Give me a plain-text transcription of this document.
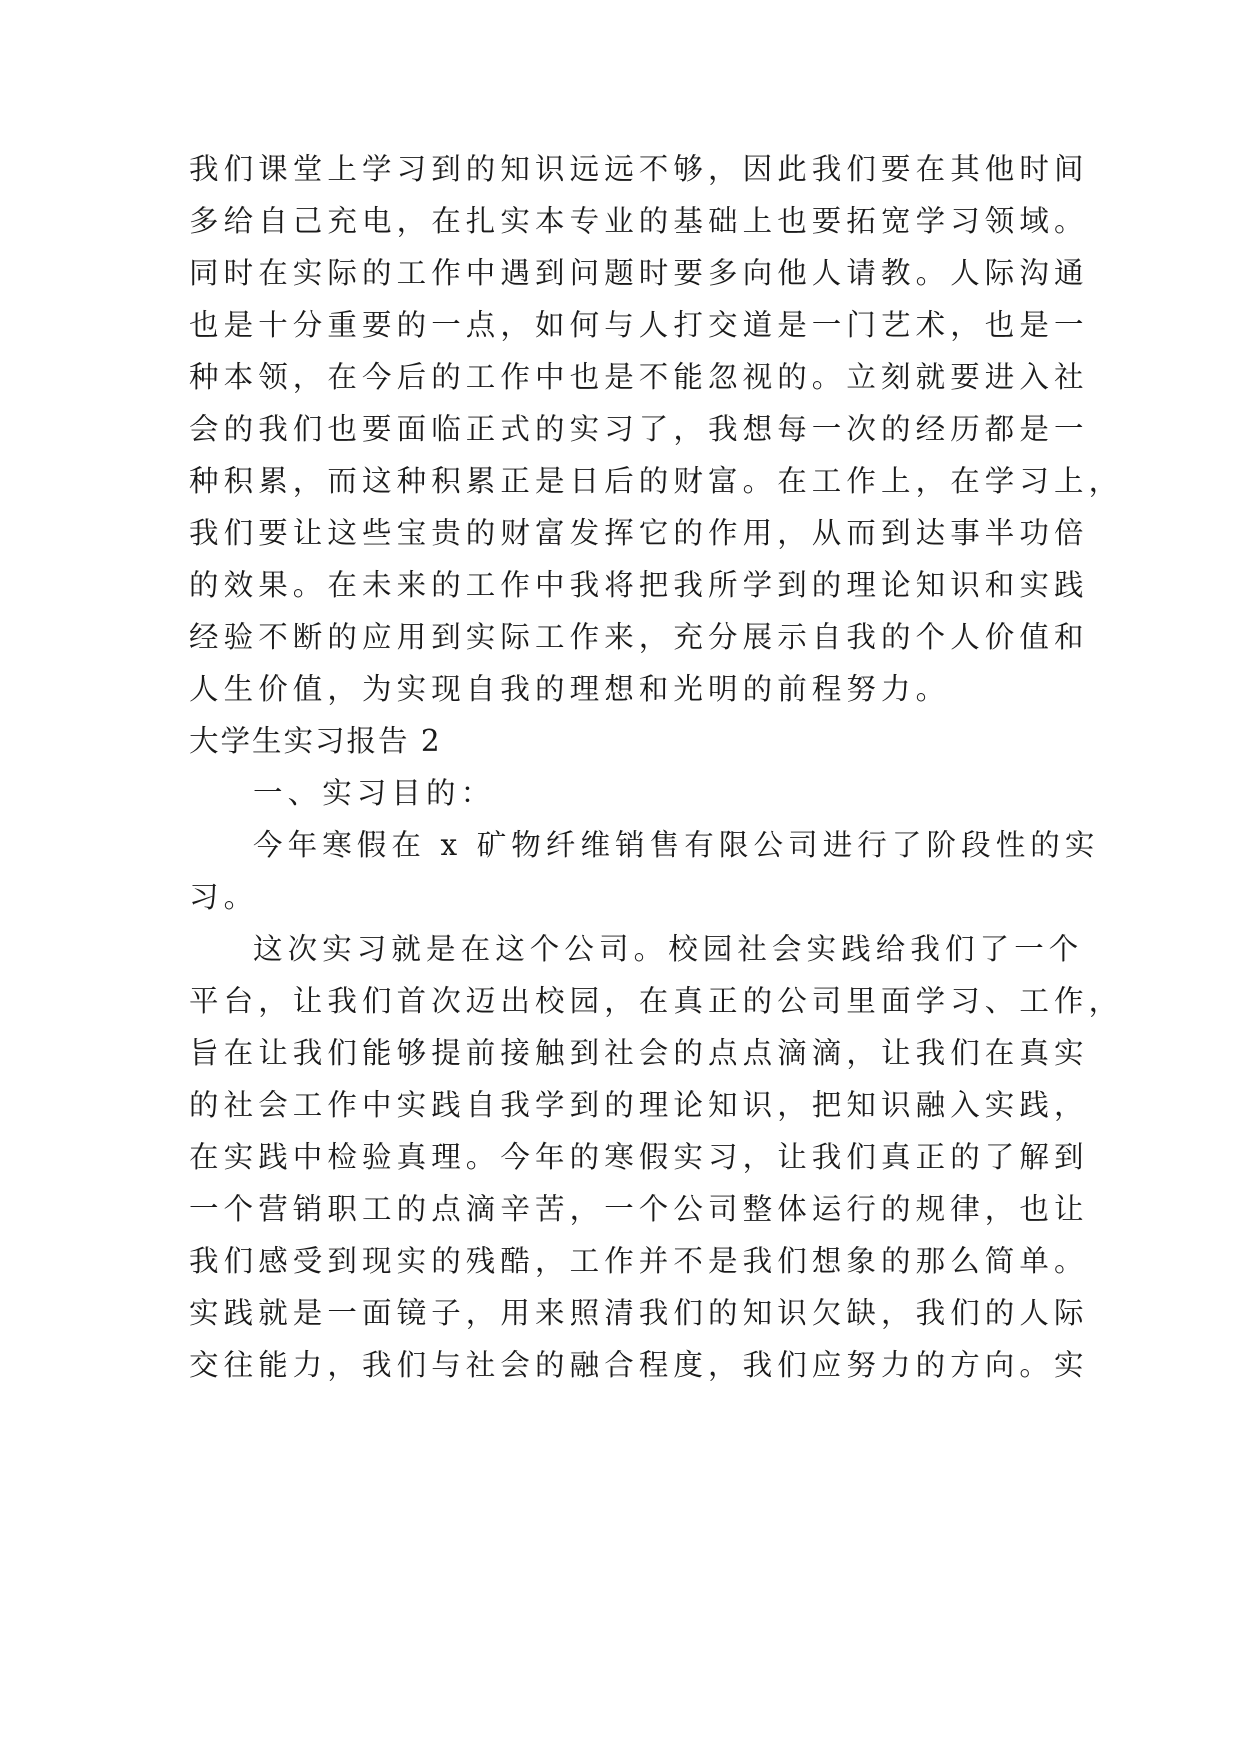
我们课堂上学习到的知识远远不够，因此我们要在其他时间
多给自己充电，在扎实本专业的基础上也要拓宽学习领域。
同时在实际的工作中遇到问题时要多向他人请教。人际沟通
也是十分重要的一点，如何与人打交道是一门艺术，也是一
种本领，在今后的工作中也是不能忽视的。立刻就要进入社
会的我们也要面临正式的实习了，我想每一次的经历都是一
种积累，而这种积累正是日后的财富。在工作上，在学习上，
我们要让这些宝贵的财富发挥它的作用，从而到达事半功倍
的效果。在未来的工作中我将把我所学到的理论知识和实践
经验不断的应用到实际工作来，充分展示自我的个人价值和
人生价值，为实现自我的理想和光明的前程努力。
大学生实习报告 2
一、实习目的：
今年寒假在 x 矿物纤维销售有限公司进行了阶段性的实
习。
这次实习就是在这个公司。校园社会实践给我们了一个
平台，让我们首次迈出校园，在真正的公司里面学习、工作，
旨在让我们能够提前接触到社会的点点滴滴，让我们在真实
的社会工作中实践自我学到的理论知识，把知识融入实践，
在实践中检验真理。今年的寒假实习，让我们真正的了解到
一个营销职工的点滴辛苦，一个公司整体运行的规律，也让
我们感受到现实的残酷，工作并不是我们想象的那么简单。
实践就是一面镜子，用来照清我们的知识欠缺，我们的人际
交往能力，我们与社会的融合程度，我们应努力的方向。实
